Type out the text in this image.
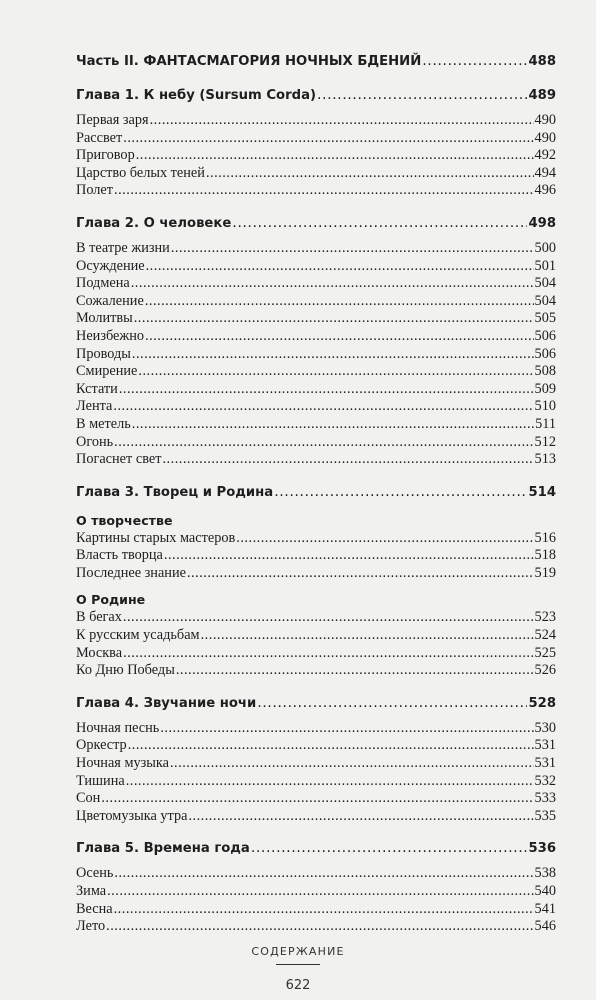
Часть II. ФАНТАСМАГОРИЯ НОЧНЫХ БДЕНИЙ .....	488
Глава 1. К небу (Sursum Corda) .....	489
Первая заря .....	490
Рассвет .....	490
Приговор .....	492
Царство белых теней .....	494
Полет .....	496
Глава 2. О человеке .....	498
В театре жизни .....	500
Осуждение .....	501
Подмена .....	504
Сожаление .....	504
Молитвы .....	505
Неизбежно .....	506
Проводы .....	506
Смирение .....	508
Кстати .....	509
Лента .....	510
В метель .....	511
Огонь .....	512
Погаснет свет .....	513
Глава 3. Творец и Родина .....	514
О творчестве
Картины старых мастеров .....	516
Власть творца .....	518
Последнее знание .....	519
О Родине
В бегах .....	523
К русским усадьбам .....	524
Москва .....	525
Ко Дню Победы .....	526
Глава 4. Звучание ночи .....	528
Ночная песнь .....	530
Оркестр .....	531
Ночная музыка .....	531
Тишина .....	532
Сон .....	533
Цветомузыка утра .....	535
Глава 5. Времена года .....	536
Осень .....	538
Зима .....	540
Весна .....	541
Лето .....	546
СОДЕРЖАНИЕ
622
